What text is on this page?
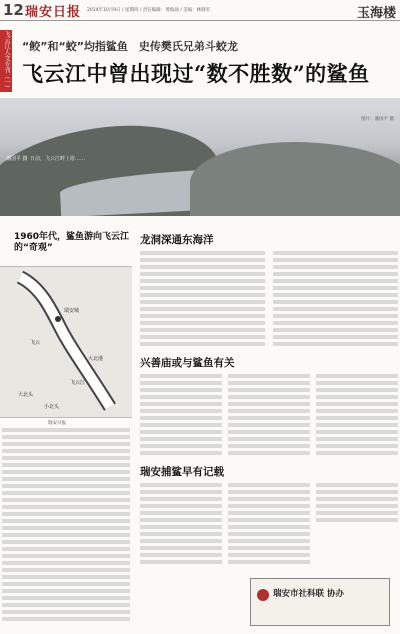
12 瑞安日报 2014年10月9日 / 星期四 / 责任编辑：黄海涌 / 美编：林晓军	玉海楼
飞云江人文专刊（一） “鲛”和“蛟”均指鲨鱼　史传樊氏兄弟斗蛟龙
飞云江中曾出现过“数不胜数”的鲨鱼
潘国平 摄 日前，飞云江畔上游……
图片：潘国平 摄
1960年代，鲨鱼游向飞云江的“奇观”
瑞安城
飞云
大北港
飞云江
大北头
小北头
瑞安日报
龙洞深通东海洋
兴善庙或与鲨鱼有关
瑞安捕鲨早有记载
瑞安市社科联 协办
